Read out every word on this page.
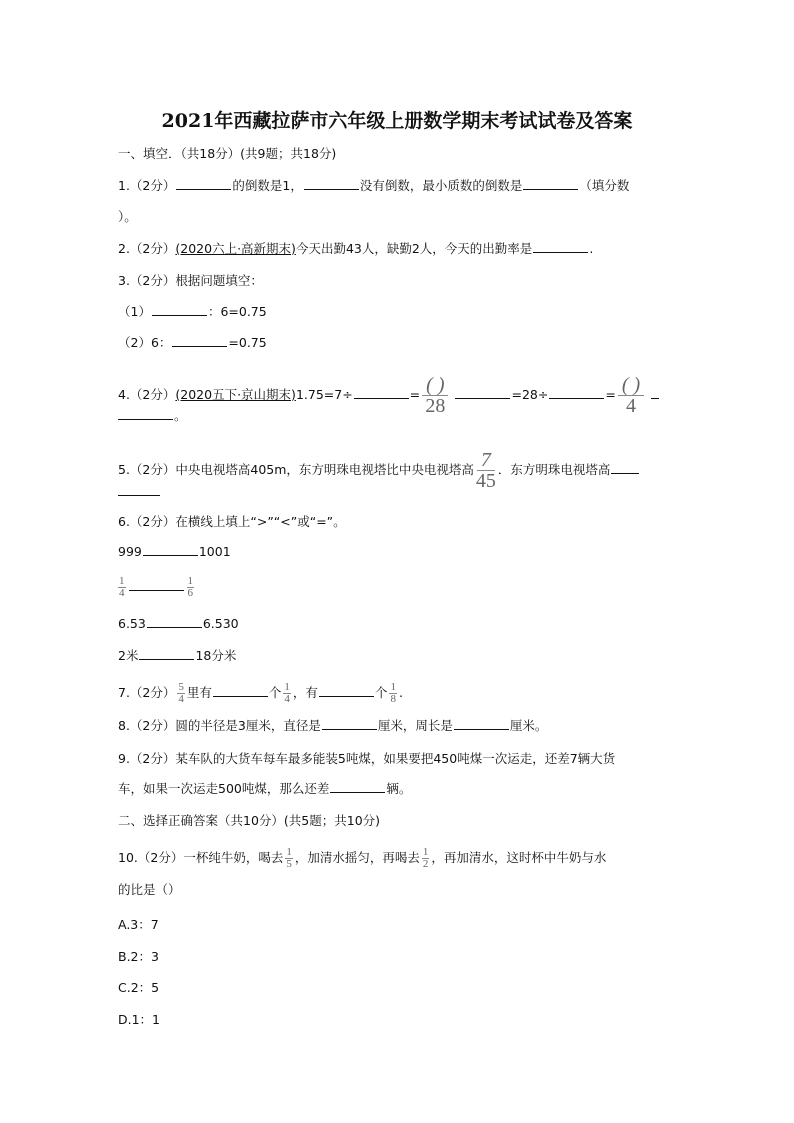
2021年西藏拉萨市六年级上册数学期末考试试卷及答案
一、填空．（共18分）(共9题；共18分)
1.（2分）	的倒数是1，	没有倒数，最小质数的倒数是	（填分数
）。
2.（2分）(2020六上·高新期末)今天出勤43人，缺勤2人，今天的出勤率是	.
3.（2分）根据问题填空：
（1）	：6=0.75
（2）6：	=0.75
4.（2分）(2020五下·京山期末)1.75=7÷	= ( )
28
=28÷	= ( )
4

。
5.（2分）中央电视塔高405m，东方明珠电视塔比中央电视塔高 $\frac{7}{45}$ ．东方明珠电视塔高
6.（2分）在横线上填上“>”“<”或“=”。
999	1001
$\frac{1}{4}$	$\frac{1}{6}$
6.53	6.530
2米	18分米
7.（2分） $\frac{5}{4}$ 里有	个 $\frac{1}{4}$ ，有	个 $\frac{1}{8}$ .
8.（2分）圆的半径是3厘米，直径是	厘米，周长是	厘米。
9.（2分）某车队的大货车每车最多能装5吨煤，如果要把450吨煤一次运走，还差7辆大货
车，如果一次运走500吨煤，那么还差	辆。
二、选择正确答案（共10分）(共5题；共10分)
10.（2分）一杯纯牛奶，喝去 $\frac{1}{5}$ ，加清水摇匀，再喝去 $\frac{1}{2}$ ，再加清水，这时杯中牛奶与水
的比是（）
A.3：7
B.2：3
C.2：5
D.1：1
